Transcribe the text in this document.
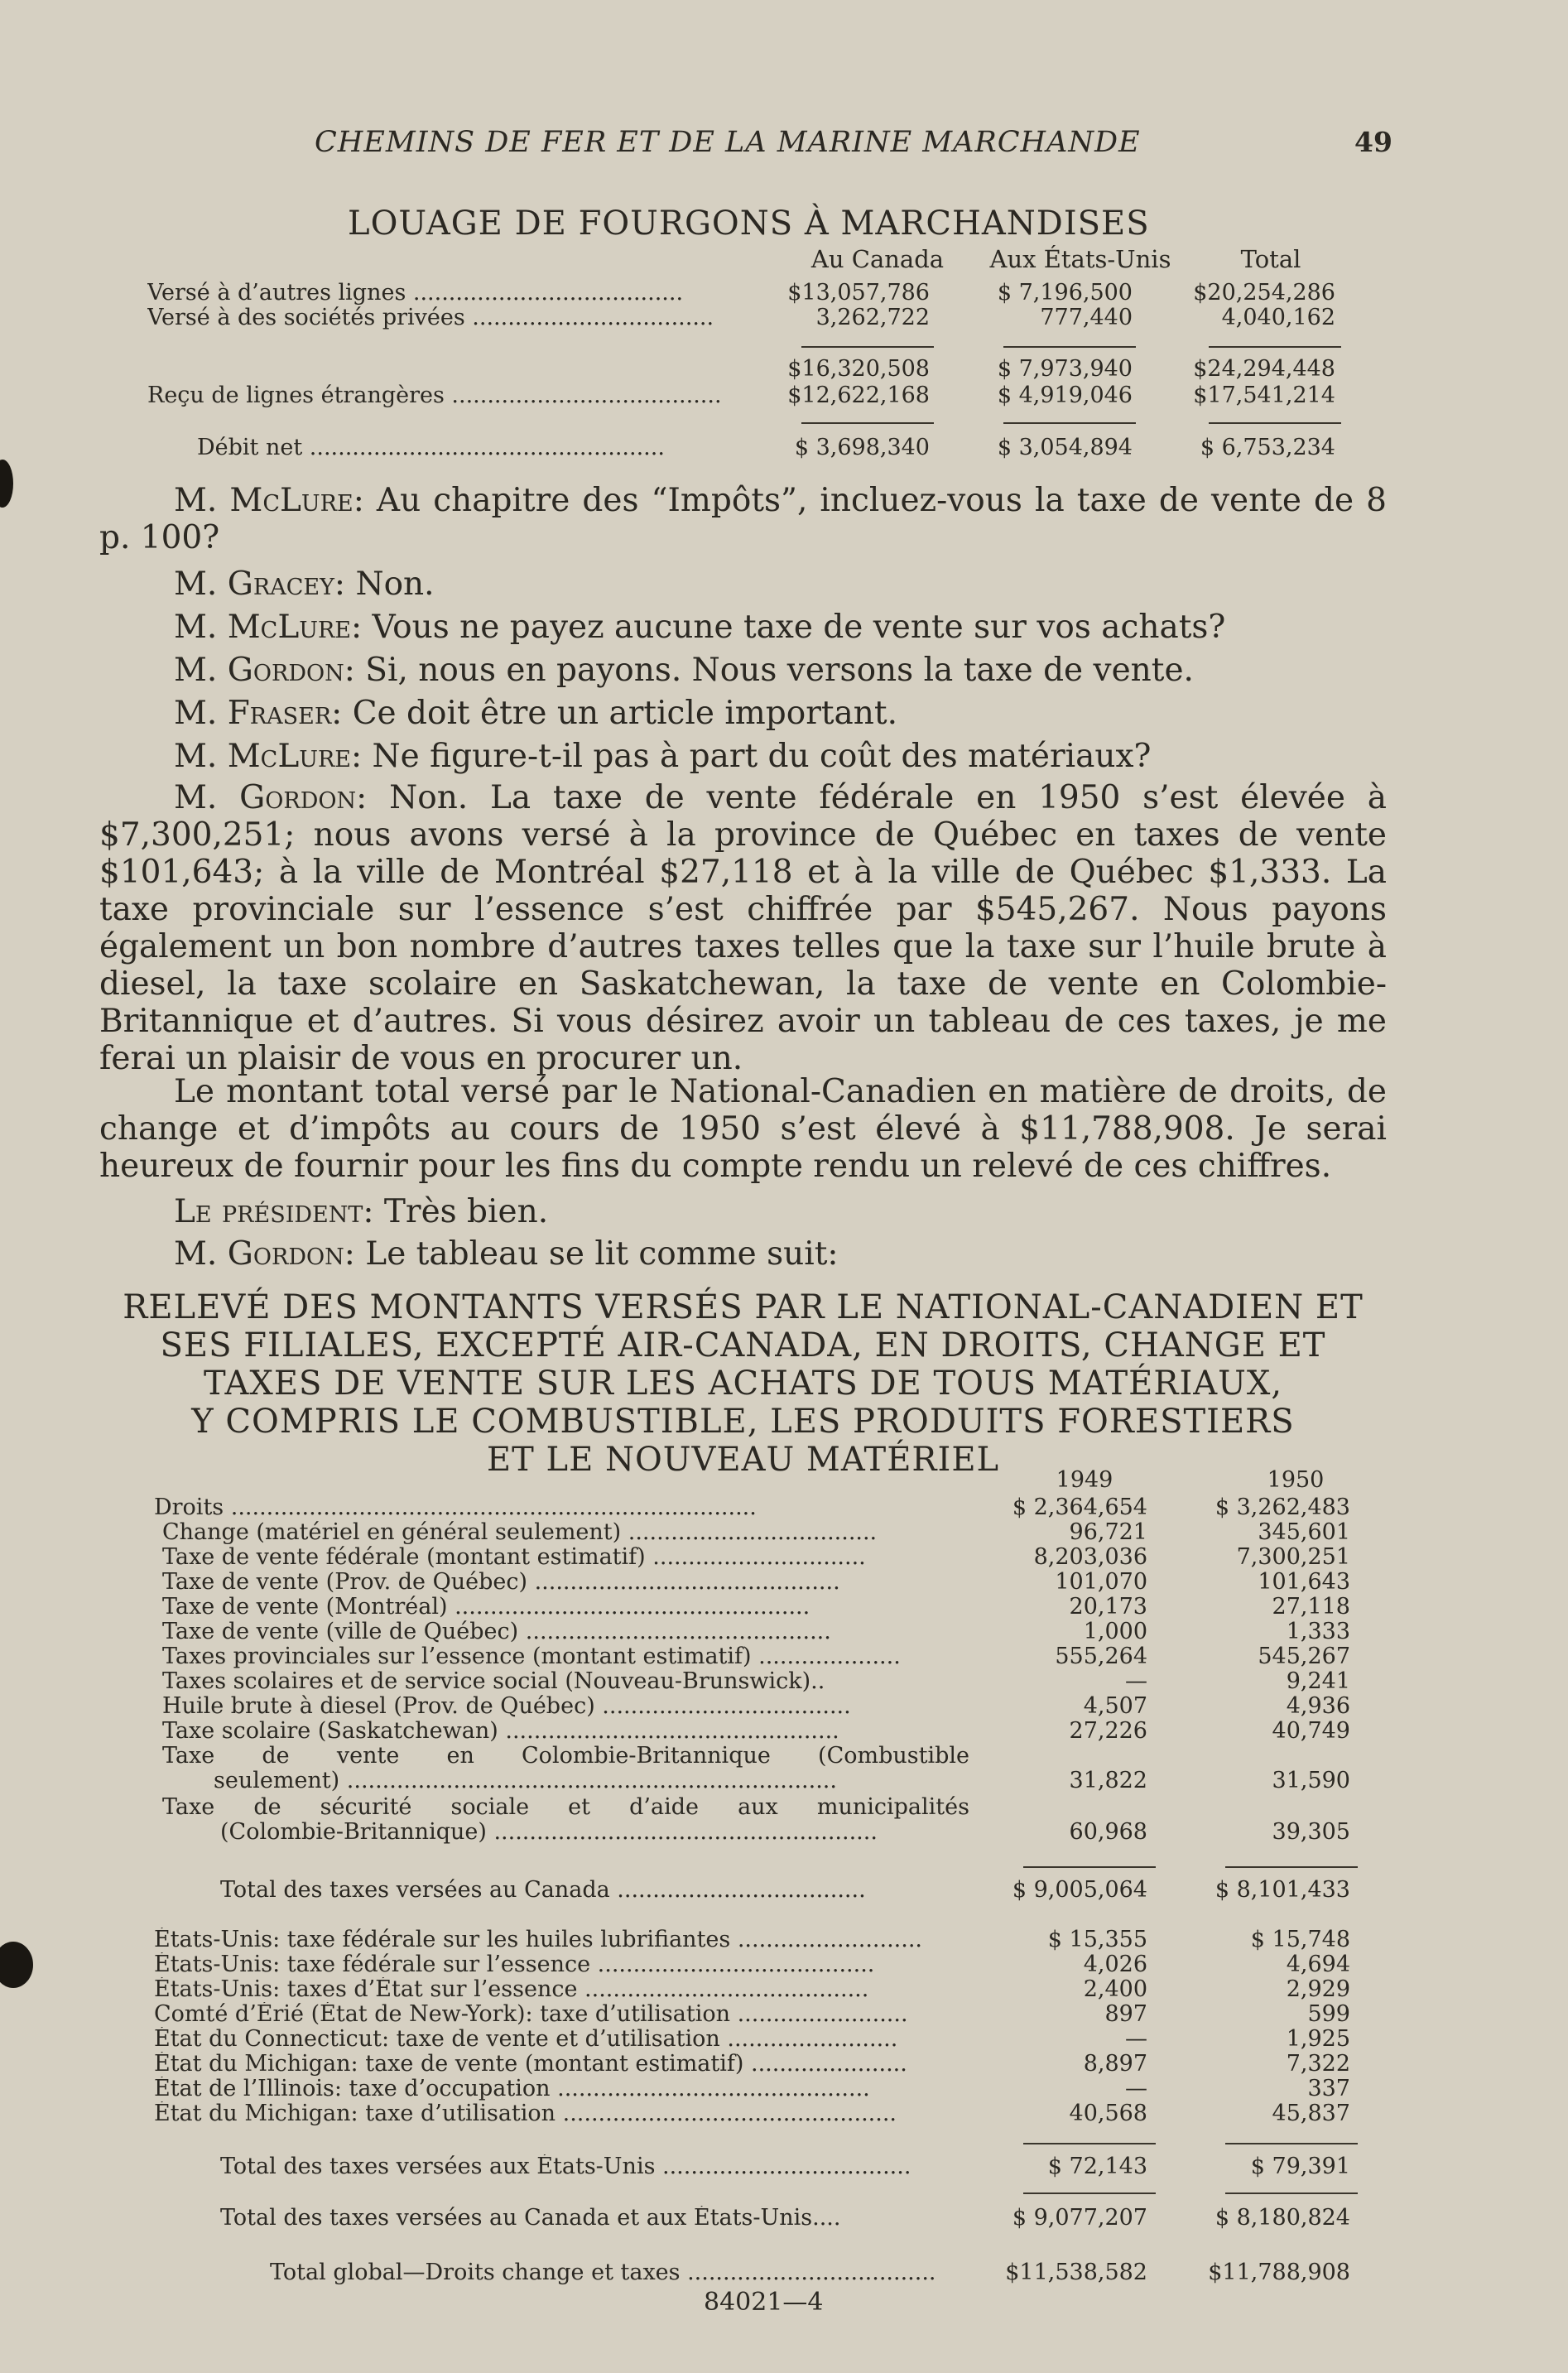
CHEMINS DE FER ET DE LA MARINE MARCHANDE	49
LOUAGE DE FOURGONS À MARCHANDISES
Au Canada	Aux États-Unis	Total
Versé à d’autres lignes ......................................	$13,057,786	$ 7,196,500	$20,254,286
Versé à des sociétés privées ..................................	3,262,722	777,440	4,040,162
$16,320,508	$ 7,973,940	$24,294,448
Reçu de lignes étrangères ......................................	$12,622,168	$ 4,919,046	$17,541,214
Débit net ..................................................	$ 3,698,340	$ 3,054,894	$ 6,753,234
M. McLure: Au chapitre des “Impôts”, incluez-vous la taxe de vente de 8 p. 100?
M. Gracey: Non.
M. McLure: Vous ne payez aucune taxe de vente sur vos achats?
M. Gordon: Si, nous en payons. Nous versons la taxe de vente.
M. Fraser: Ce doit être un article important.
M. McLure: Ne figure-t-il pas à part du coût des matériaux?
M. Gordon: Non. La taxe de vente fédérale en 1950 s’est élevée à $7,300,251; nous avons versé à la province de Québec en taxes de vente $101,643; à la ville de Montréal $27,118 et à la ville de Québec $1,333. La taxe provinciale sur l’essence s’est chiffrée par $545,267. Nous payons également un bon nombre d’autres taxes telles que la taxe sur l’huile brute à diesel, la taxe scolaire en Saskatchewan, la taxe de vente en Colombie-Britannique et d’autres. Si vous désirez avoir un tableau de ces taxes, je me ferai un plaisir de vous en procurer un.
Le montant total versé par le National-Canadien en matière de droits, de change et d’impôts au cours de 1950 s’est élevé à $11,788,908. Je serai heureux de fournir pour les fins du compte rendu un relevé de ces chiffres.
Le président: Très bien.
M. Gordon: Le tableau se lit comme suit:
RELEVÉ DES MONTANTS VERSÉS PAR LE NATIONAL-CANADIEN ET
SES FILIALES, EXCEPTÉ AIR-CANADA, EN DROITS, CHANGE ET
TAXES DE VENTE SUR LES ACHATS DE TOUS MATÉRIAUX,
Y COMPRIS LE COMBUSTIBLE, LES PRODUITS FORESTIERS
ET LE NOUVEAU MATÉRIEL
1949	1950
Droits ..........................................................................	$ 2,364,654	$ 3,262,483
Change (matériel en général seulement) ...................................	96,721	345,601
Taxe de vente fédérale (montant estimatif) ..............................	8,203,036	7,300,251
Taxe de vente (Prov. de Québec) ...........................................	101,070	101,643
Taxe de vente (Montréal) ..................................................	20,173	27,118
Taxe de vente (ville de Québec) ...........................................	1,000	1,333
Taxes provinciales sur l’essence (montant estimatif) ....................	555,264	545,267
Taxes scolaires et de service social (Nouveau-Brunswick)..	—	9,241
Huile brute à diesel (Prov. de Québec) ...................................	4,507	4,936
Taxe scolaire (Saskatchewan) ...............................................	27,226	40,749
Taxe de vente en Colombie-Britannique (Combustible
seulement) .....................................................................	31,822	31,590
Taxe de sécurité sociale et d’aide aux municipalités
(Colombie-Britannique) ......................................................	60,968	39,305
Total des taxes versées au Canada ...................................	$ 9,005,064	$ 8,101,433
États-Unis: taxe fédérale sur les huiles lubrifiantes ..........................	$ 15,355	$ 15,748
États-Unis: taxe fédérale sur l’essence .......................................	4,026	4,694
États-Unis: taxes d’État sur l’essence ........................................	2,400	2,929
Comté d’Érié (État de New-York): taxe d’utilisation ........................	897	599
État du Connecticut: taxe de vente et d’utilisation ........................	—	1,925
État du Michigan: taxe de vente (montant estimatif) ......................	8,897	7,322
État de l’Illinois: taxe d’occupation ............................................	—	337
État du Michigan: taxe d’utilisation ...............................................	40,568	45,837
Total des taxes versées aux États-Unis ...................................	$ 72,143	$ 79,391
Total des taxes versées au Canada et aux États-Unis....	$ 9,077,207	$ 8,180,824
Total global—Droits change et taxes ...................................	$11,538,582	$11,788,908
84021—4
